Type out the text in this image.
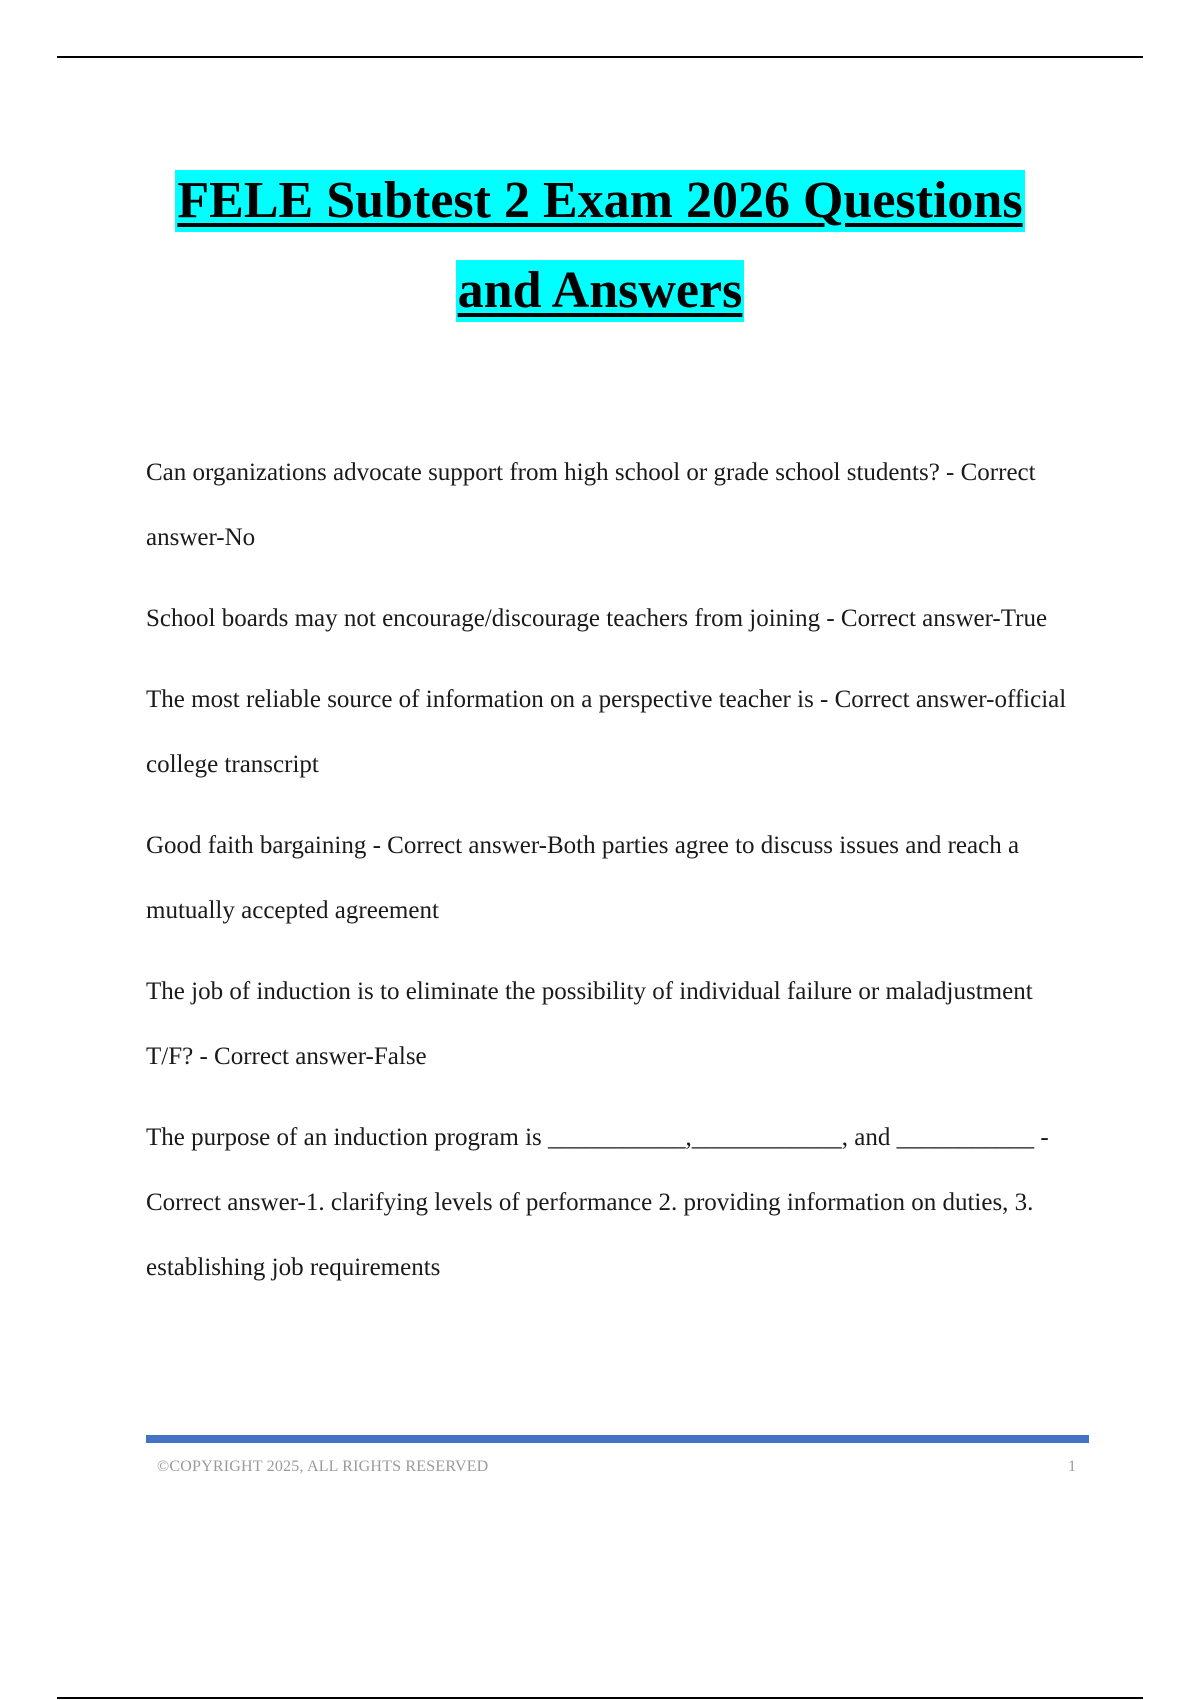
FELE Subtest 2 Exam 2026 Questions
and Answers

Can organizations advocate support from high school or grade school students? - Correct answer-No

School boards may not encourage/discourage teachers from joining - Correct answer-True

The most reliable source of information on a perspective teacher is - Correct answer-official college transcript

Good faith bargaining - Correct answer-Both parties agree to discuss issues and reach a mutually accepted agreement

The job of induction is to eliminate the possibility of individual failure or maladjustment T/F? - Correct answer-False

The purpose of an induction program is ___________,____________, and ___________ - Correct answer-1. clarifying levels of performance 2. providing information on duties, 3. establishing job requirements

©COPYRIGHT 2025, ALL RIGHTS RESERVED	1
